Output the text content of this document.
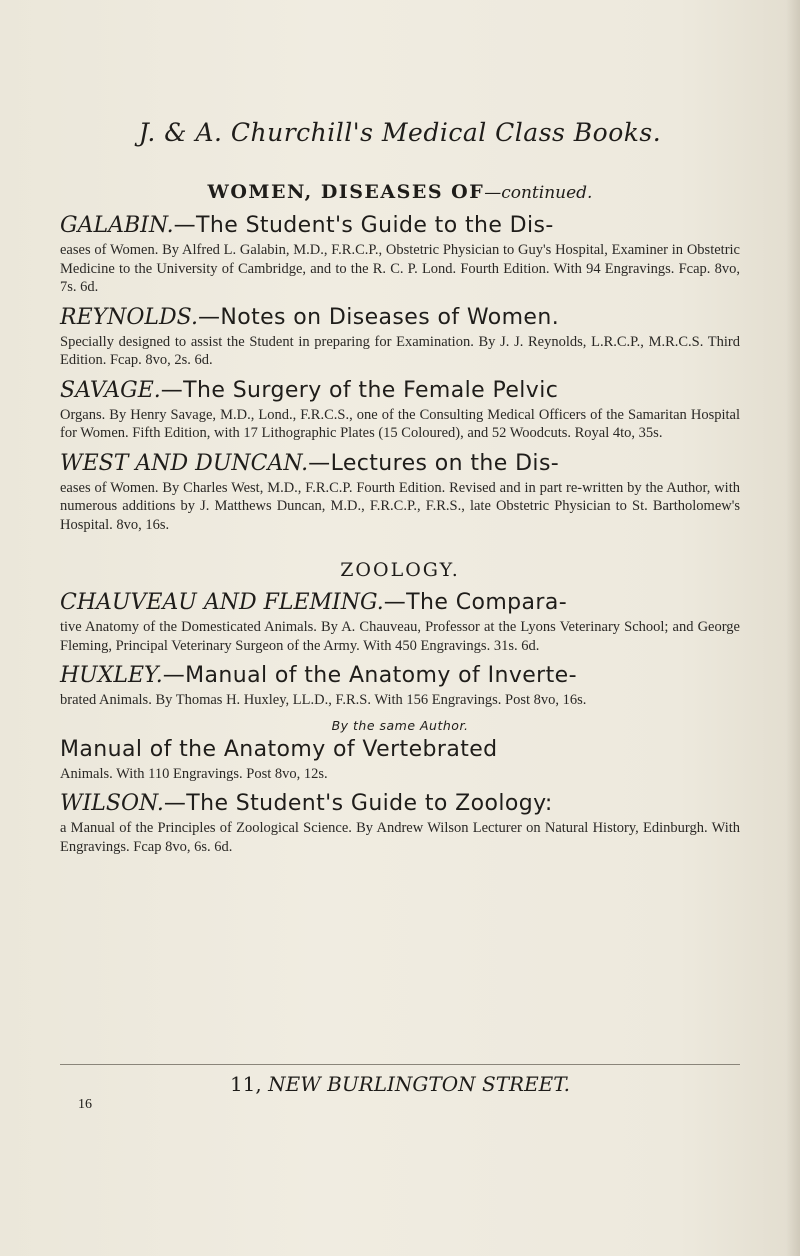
J. & A. Churchill's Medical Class Books.
WOMEN, DISEASES OF—continued.
GALABIN.—The Student's Guide to the Dis-
eases of Women. By Alfred L. Galabin, M.D., F.R.C.P., Obstetric Physician to Guy's Hospital, Examiner in Obstetric Medicine to the University of Cambridge, and to the R. C. P. Lond. Fourth Edition. With 94 Engravings. Fcap. 8vo, 7s. 6d.
REYNOLDS.—Notes on Diseases of Women.
Specially designed to assist the Student in preparing for Examination. By J. J. Reynolds, L.R.C.P., M.R.C.S. Third Edition. Fcap. 8vo, 2s. 6d.
SAVAGE.—The Surgery of the Female Pelvic
Organs. By Henry Savage, M.D., Lond., F.R.C.S., one of the Consulting Medical Officers of the Samaritan Hospital for Women. Fifth Edition, with 17 Lithographic Plates (15 Coloured), and 52 Woodcuts. Royal 4to, 35s.
WEST AND DUNCAN.—Lectures on the Dis-
eases of Women. By Charles West, M.D., F.R.C.P. Fourth Edition. Revised and in part re-written by the Author, with numerous additions by J. Matthews Duncan, M.D., F.R.C.P., F.R.S., late Obstetric Physician to St. Bartholomew's Hospital. 8vo, 16s.
ZOOLOGY.
CHAUVEAU AND FLEMING.—The Compara-
tive Anatomy of the Domesticated Animals. By A. Chauveau, Professor at the Lyons Veterinary School; and George Fleming, Principal Veterinary Surgeon of the Army. With 450 Engravings. 31s. 6d.
HUXLEY.—Manual of the Anatomy of Inverte-
brated Animals. By Thomas H. Huxley, LL.D., F.R.S. With 156 Engravings. Post 8vo, 16s.
By the same Author.
Manual of the Anatomy of Vertebrated
Animals. With 110 Engravings. Post 8vo, 12s.
WILSON.—The Student's Guide to Zoology:
a Manual of the Principles of Zoological Science. By Andrew Wilson Lecturer on Natural History, Edinburgh. With Engravings. Fcap 8vo, 6s. 6d.
11, NEW BURLINGTON STREET.
16
